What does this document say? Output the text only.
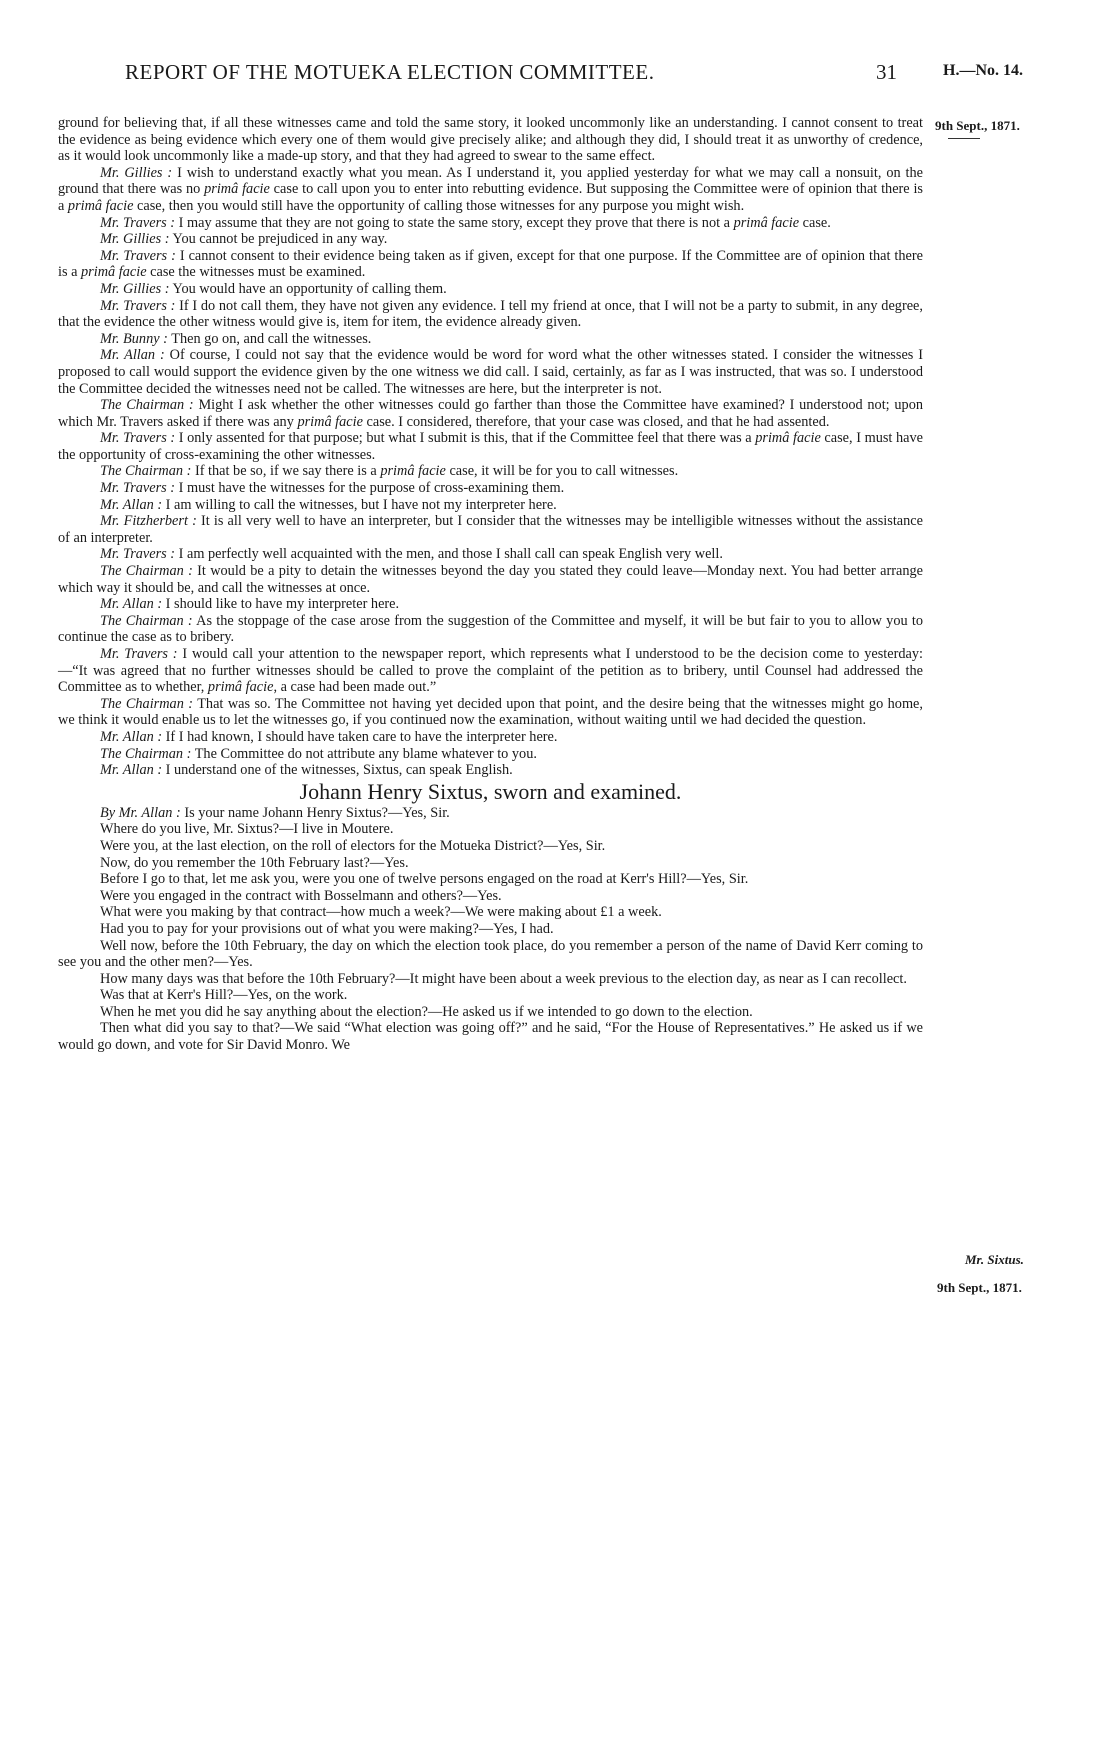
REPORT OF THE MOTUEKA ELECTION COMMITTEE.	31	H.—No. 14.
9th Sept., 1871.
Mr. Sixtus.
9th Sept., 1871.

ground for believing that, if all these witnesses came and told the same story, it looked uncommonly like an understanding. I cannot consent to treat the evidence as being evidence which every one of them would give precisely alike; and although they did, I should treat it as unworthy of credence, as it would look uncommonly like a made-up story, and that they had agreed to swear to the same effect.

Mr. Gillies : I wish to understand exactly what you mean. As I understand it, you applied yesterday for what we may call a nonsuit, on the ground that there was no primâ facie case to call upon you to enter into rebutting evidence. But supposing the Committee were of opinion that there is a primâ facie case, then you would still have the opportunity of calling those witnesses for any purpose you might wish.

Mr. Travers : I may assume that they are not going to state the same story, except they prove that there is not a primâ facie case.

Mr. Gillies : You cannot be prejudiced in any way.

Mr. Travers : I cannot consent to their evidence being taken as if given, except for that one purpose. If the Committee are of opinion that there is a primâ facie case the witnesses must be examined.

Mr. Gillies : You would have an opportunity of calling them.

Mr. Travers : If I do not call them, they have not given any evidence. I tell my friend at once, that I will not be a party to submit, in any degree, that the evidence the other witness would give is, item for item, the evidence already given.

Mr. Bunny : Then go on, and call the witnesses.

Mr. Allan : Of course, I could not say that the evidence would be word for word what the other witnesses stated. I consider the witnesses I proposed to call would support the evidence given by the one witness we did call. I said, certainly, as far as I was instructed, that was so. I understood the Committee decided the witnesses need not be called. The witnesses are here, but the interpreter is not.

The Chairman : Might I ask whether the other witnesses could go farther than those the Committee have examined? I understood not; upon which Mr. Travers asked if there was any primâ facie case. I considered, therefore, that your case was closed, and that he had assented.

Mr. Travers : I only assented for that purpose; but what I submit is this, that if the Committee feel that there was a primâ facie case, I must have the opportunity of cross-examining the other witnesses.

The Chairman : If that be so, if we say there is a primâ facie case, it will be for you to call witnesses.

Mr. Travers : I must have the witnesses for the purpose of cross-examining them.

Mr. Allan : I am willing to call the witnesses, but I have not my interpreter here.

Mr. Fitzherbert : It is all very well to have an interpreter, but I consider that the witnesses may be intelligible witnesses without the assistance of an interpreter.

Mr. Travers : I am perfectly well acquainted with the men, and those I shall call can speak English very well.

The Chairman : It would be a pity to detain the witnesses beyond the day you stated they could leave—Monday next. You had better arrange which way it should be, and call the witnesses at once.

Mr. Allan : I should like to have my interpreter here.

The Chairman : As the stoppage of the case arose from the suggestion of the Committee and myself, it will be but fair to you to allow you to continue the case as to bribery.

Mr. Travers : I would call your attention to the newspaper report, which represents what I understood to be the decision come to yesterday:—“It was agreed that no further witnesses should be called to prove the complaint of the petition as to bribery, until Counsel had addressed the Committee as to whether, primâ facie, a case had been made out.”

The Chairman : That was so. The Committee not having yet decided upon that point, and the desire being that the witnesses might go home, we think it would enable us to let the witnesses go, if you continued now the examination, without waiting until we had decided the question.

Mr. Allan : If I had known, I should have taken care to have the interpreter here.

The Chairman : The Committee do not attribute any blame whatever to you.

Mr. Allan : I understand one of the witnesses, Sixtus, can speak English.

Johann Henry Sixtus, sworn and examined.

By Mr. Allan : Is your name Johann Henry Sixtus?—Yes, Sir.

Where do you live, Mr. Sixtus?—I live in Moutere.

Were you, at the last election, on the roll of electors for the Motueka District?—Yes, Sir.

Now, do you remember the 10th February last?—Yes.

Before I go to that, let me ask you, were you one of twelve persons engaged on the road at Kerr's Hill?—Yes, Sir.

Were you engaged in the contract with Bosselmann and others?—Yes.

What were you making by that contract—how much a week?—We were making about £1 a week.

Had you to pay for your provisions out of what you were making?—Yes, I had.

Well now, before the 10th February, the day on which the election took place, do you remember a person of the name of David Kerr coming to see you and the other men?—Yes.

How many days was that before the 10th February?—It might have been about a week previous to the election day, as near as I can recollect.

Was that at Kerr's Hill?—Yes, on the work.

When he met you did he say anything about the election?—He asked us if we intended to go down to the election.

Then what did you say to that?—We said “What election was going off?” and he said, “For the House of Representatives.” He asked us if we would go down, and vote for Sir David Monro. We
